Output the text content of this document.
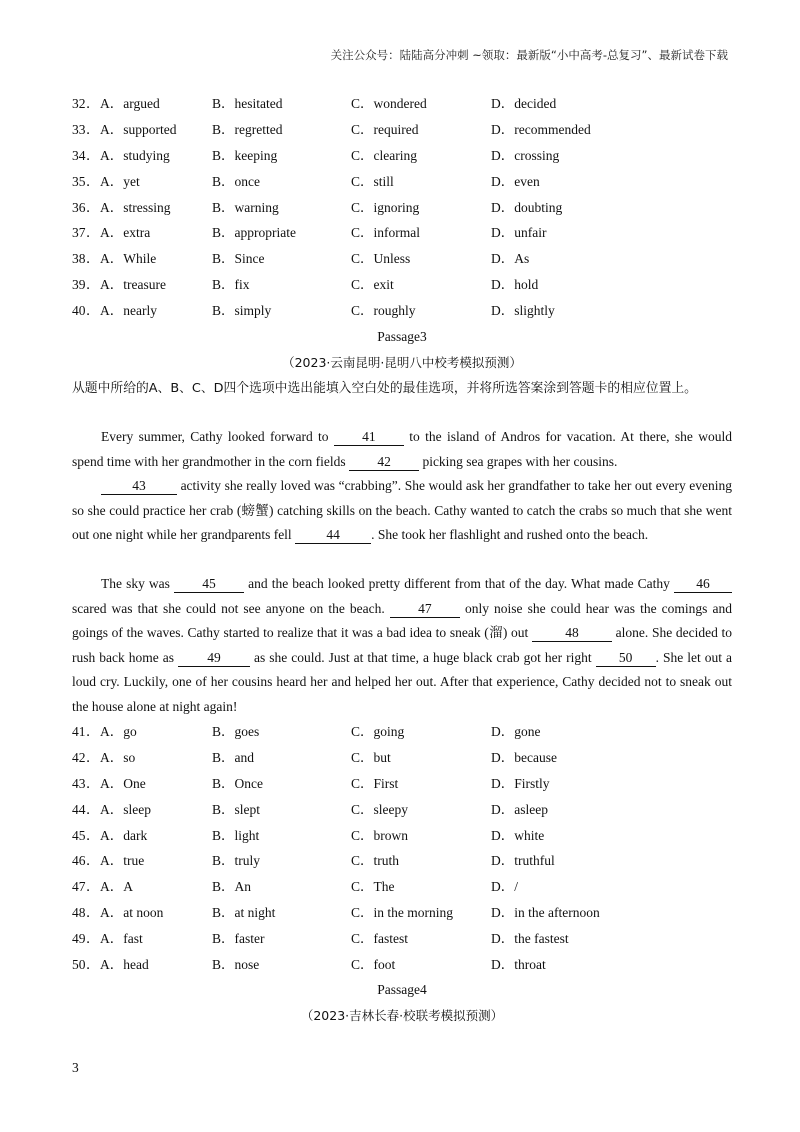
关注公众号：陆陆高分冲刺 ~领取：最新版“小中高考-总复习”、最新试卷下载
32 ． A．argued	B．hesitated	C．wondered	D．decided
33 ． A．supported	B．regretted	C．required	D．recommended
34 ． A．studying	B．keeping	C．clearing	D．crossing
35 ． A．yet	B．once	C．still	D．even
36 ． A．stressing	B．warning	C．ignoring	D．doubting
37 ． A．extra	B．appropriate	C．informal	D．unfair
38 ． A．While	B．Since	C．Unless	D．As
39 ． A．treasure	B．fix	C．exit	D．hold
40 ． A．nearly	B．simply	C．roughly	D．slightly
Passage3
（2023·云南昆明·昆明八中校考模拟预测）
从题中所给的A、B、C、D四个选项中选出能填入空白处的最佳选项，并将所选答案涂到答题卡的相应位置上。
Every summer, Cathy looked forward to 41 to the island of Andros for vacation. At there, she would spend time with her grandmother in the corn fields 42 picking sea grapes with her cousins.
43	activity she really loved was “crabbing”. She would ask her grandfather to take her out every evening so she could practice her crab (螃蟹) catching skills on the beach. Cathy wanted to catch the crabs so much that she went out one night while her grandparents fell	44 . She took her flashlight and rushed onto the beach.
The sky was 45 and the beach looked pretty different from that of the day. What made Cathy 46 scared was that she could not see anyone on the beach. 47 only noise she could hear was the comings and goings of the waves. Cathy started to realize that it was a bad idea to sneak (溜) out	48	alone. She decided to rush back home as 49 as she could. Just at that time, a huge black crab got her right 50 . She let out a loud cry. Luckily, one of her cousins heard her and helped her out. After that experience, Cathy decided not to sneak out the house alone at night again!
41 ． A．go	B．goes	C．going	D．gone
42 ． A．so	B．and	C．but	D．because
43 ． A．One	B．Once	C．First	D．Firstly
44 ． A．sleep	B．slept	C．sleepy	D．asleep
45 ． A．dark	B．light	C．brown	D．white
46 ． A．true	B．truly	C．truth	D．truthful
47 ． A．A	B．An	C．The	D．/
48 ． A．at noon	B．at night	C．in the morning	D．in the afternoon
49 ． A．fast	B．faster	C．fastest	D．the fastest
50 ． A．head	B．nose	C．foot	D．throat
Passage4
（2023·吉林长春·校联考模拟预测）
3
